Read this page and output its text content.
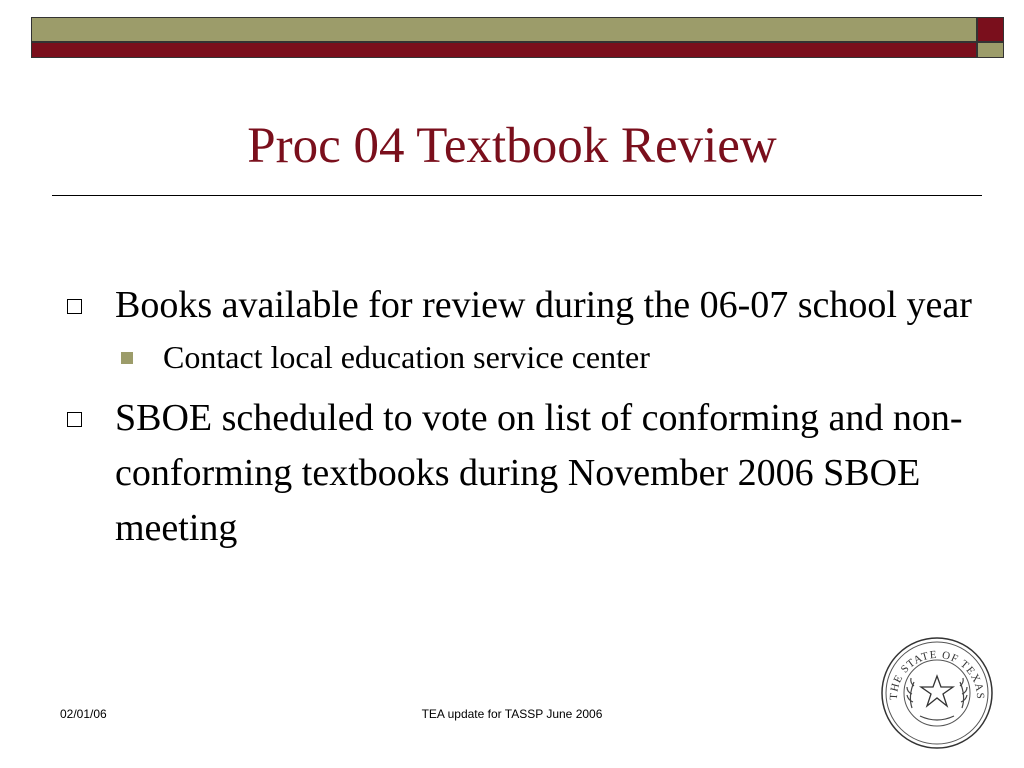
Proc 04 Textbook Review
Books available for review during the 06-07 school year
Contact local education service center
SBOE scheduled to vote on list of conforming and non-conforming textbooks during November 2006 SBOE meeting
02/01/06	TEA update for TASSP June 2006
THE STATE OF TEXAS
